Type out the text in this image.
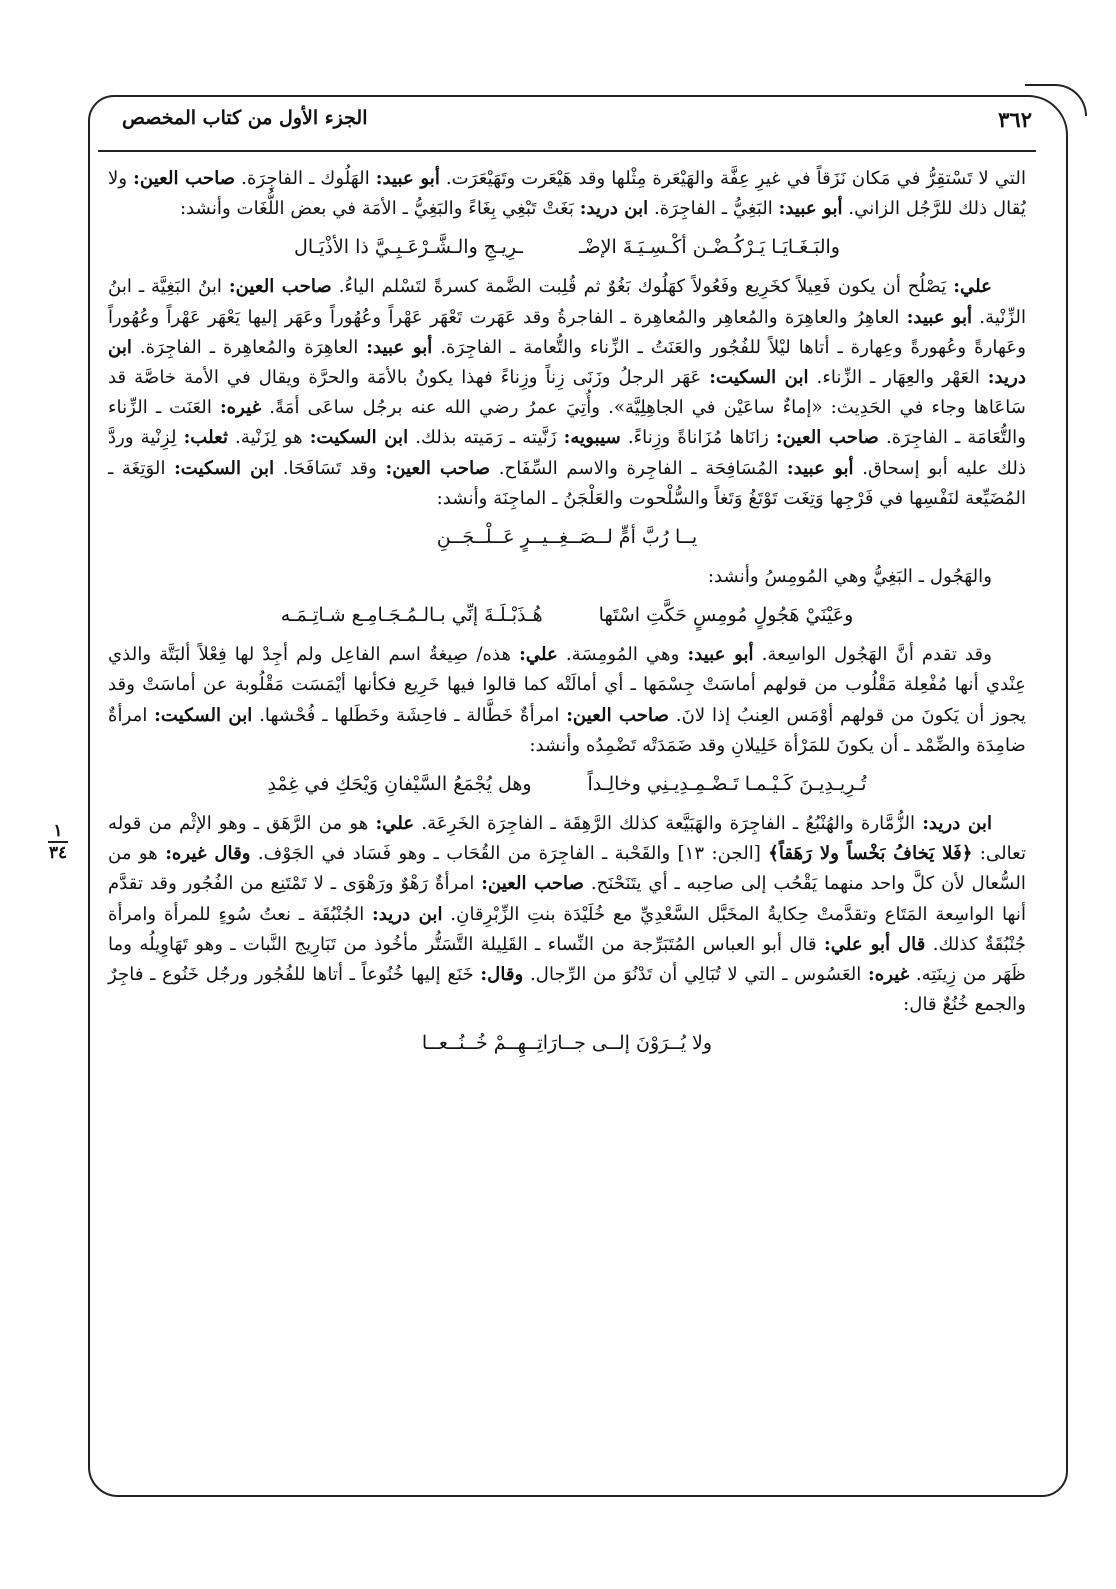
٣٦٢
الجزء الأول من كتاب المخصص
١
٣٤

التي لا تَسْتقِرُّ في مَكان نَزَقاً في غيرِ عِفَّة والهَيْعَرة مِثْلها وقد هَيْعَرت وتَهَيْعَرَت. أبو عبيد: الهَلُوك ـ الفاجِرَة. صاحب العين: ولا يُقال ذلك للرَّجُل الزاني. أبو عبيد: البَغِيُّ ـ الفاجِرَة. ابن دريد: بَغَتْ تَبْغِي بِغَاءً والبَغِيُّ ـ الأمَة في بعض اللُّغَات وأنشد:

والبَـغَـايَـا يَـرْكُـضْـن أكْـسِـيَـةَ الإضْـ
ـرِيـجِ والـشَّـرْعَـبِـيَّ ذا الأذْيَـال

علي: يَصْلُح أن يكون فَعِيلاً كخَرِيع وفَعُولاً كهَلُوك بَغُوٌ ثم قُلِبت الضَّمة كسرةً لتَسْلم الياءُ. صاحب العين: ابنُ البَغِيَّة ـ ابنُ الزِّنْية. أبو عبيد: العاهِرُ والعاهِرَة والمُعاهِر والمُعاهِرة ـ الفاجرةُ وقد عَهَرت تَعْهَر عَهْراً وعُهُوراً وعَهَر إليها يَعْهَر عَهْراً وعُهُوراً وعَهارةً وعُهورةً وعِهارة ـ أتاها ليْلاً للفُجُور والعَنَتُ ـ الزِّناء والتُّعامة ـ الفاجِرَة. أبو عبيد: العاهِرَة والمُعاهِرة ـ الفاجِرَة. ابن دريد: العَهْر والعِهَار ـ الزِّناء. ابن السكيت: عَهَر الرجلُ وزَنَى زِناً وزِناءً فهذا يكونُ بالأمَة والحرَّة ويقال في الأمة خاصَّة قد سَاعَاها وجاء في الحَدِيث: «إماءٌ ساعَيْن في الجاهِلِيَّة». وأُتِيَ عمرُ رضي الله عنه برجُل ساعَى أمَةً. غيره: العَنَت ـ الزِّناء والتُّعَامَة ـ الفاجِرَة. صاحب العين: زانَاها مُزَاناةً وزِناءً. سيبويه: زَنَّيته ـ رَمَيته بذلك. ابن السكيت: هو لِزَنْية. ثعلب: لِزِنْية وردَّ ذلك عليه أبو إسحاق. أبو عبيد: المُسَافِحَة ـ الفاجِرة والاسم السِّفَاح. صاحب العين: وقد تَسَافَحَا. ابن السكيت: الوَتِغَة ـ المُضَيِّعة لنَفْسِها في فَرْجِها وَتِغَت تَوْتَغُ وَتَغاً والسُّلْحوت والعَلْجَنُ ـ الماجِنَة وأنشد:

يــا رُبَّ أمٍّ لــصَــغِــيــرٍ عَــلْــجَــنِ

والهَجُول ـ البَغِيُّ وهي المُومِسُ وأنشد:

وعَيْنَيْ هَجُولٍ مُومِسٍ حَكَّتِ اسْتَها
هُـذَبْـلَـةَ إنِّي بـالـمُـجَـامِـع شـاتِـمَـه

وقد تقدم أنَّ الهَجُول الواسِعة. أبو عبيد: وهي المُومِسَة. علي: هذه/ صِيغةُ اسم الفاعِل ولم أجِدْ لها فِعْلاً ألبَتَّة والذي عِنْدي أنها مُفْعِلة مَقْلُوب من قولهم أماسَتْ جِسْمَها ـ أي أمالَتْه كما قالوا فيها خَرِيع فكأنها أيْمَسَت مَقْلُوبة عن أماسَتْ وقد يجوز أن يَكونَ من قولهم أوْمَس العِنبُ إذا لانَ. صاحب العين: امرأةٌ خَطَّالة ـ فاحِشَة وخَطَلها ـ فُحْشها. ابن السكيت: امرأةٌ ضامِدَة والضِّمْد ـ أن يكونَ للمَرْأة خَلِيلانِ وقد ضَمَدَتْه تَضْمِدُه وأنشد:

تُـرِيـدِيـنَ كَـيْـمـا تَـضْـمِـدِيـنِي وخالِـداً
وهل يُجْمَعُ السَّيْفانِ وَيْحَكِ في غِمْدِ

ابن دريد: الزُّمَّارة والهُنْبُعُ ـ الفاجِرَة والهَبَيَّعة كذلك الرَّهِقَة ـ الفاجِرَة الخَرِعَة. علي: هو من الرَّهَق ـ وهو الإثْم من قوله تعالى: ﴿فَلا يَخافُ بَخْساً ولا رَهَقاً﴾ [الجن: ١٣] والقَحْبة ـ الفاجِرَة من القُحَاب ـ وهو فَسَاد في الجَوْف. وقال غيره: هو من السُّعال لأن كلَّ واحد منهما يَقْحُب إلى صاحِبه ـ أي يتَنَحْنَح. صاحب العين: امرأةٌ رَهْوٌ ورَهْوَى ـ لا تَمْتَنِع من الفُجُور وقد تقدَّم أنها الواسِعة المَتَاع وتقدَّمتْ حِكايةُ المخَبَّل السَّعْدِيِّ مع خُلَيْدَة بنتِ الزِّبْرِقانِ. ابن دريد: الجُنْبُقَة ـ نعتُ سُوءٍ للمرأة وامرأة جُنْبُقَةٌ كذلك. قال أبو علي: قال أبو العباس المُتَبَرِّجة من النِّساء ـ القَلِيلة التَّسَتُّر مأخُوذ من تَبَارِيج النَّبات ـ وهو تَهَاوِيلُه وما ظَهَر من زِينَتِه. غيره: العَسُوس ـ التي لا تُبَالِي أن تَدْنُوَ من الرِّجال. وقال: خَنَع إليها خُنُوعاً ـ أتاها للفُجُور ورجُل خَنُوع ـ فاجِرٌ والجمع خُنُعٌ قال:

ولا يُــرَوْنَ إلــى جــارَاتِــهِــمْ خُــنُــعــا
